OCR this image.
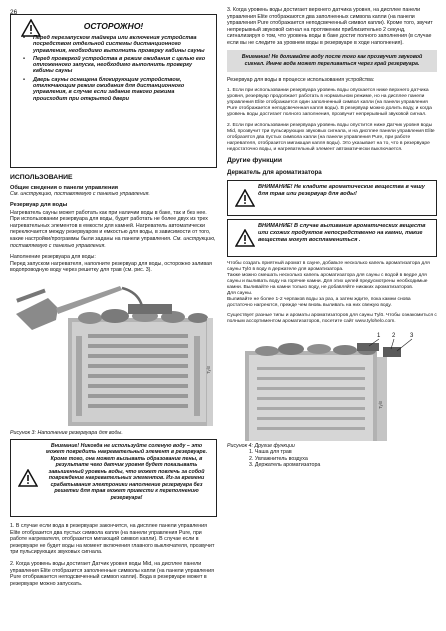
26
ОСТОРОЖНО!
• Перед перезапуском таймера или включения устройства посредством отдельной системы дистанционного управления, необходимо выполнить проверку кабины сауны
• Перед проверкой устройства в режим ожидания с целью его отложенного запуска, необходимо выполнить проверку кабины сауны
• Дверь сауны оснащена блокирующим устройством, отключающим режим ожидания для дистанционного управления, в случае если задание такого режима происходит при открытой двери
ИСПОЛЬЗОВАНИЕ
Общие сведения о панели управления

См. инструкцию, поставляемую с панелью управления.

Резервуар для воды

Нагреватель сауны может работать как при наличии воды в баке, так и без нее. При использовании резервуара для воды, будет работать не более двух из трех нагревательных элементов в емкости для камней. Нагреватель автоматически переключается между резервуаром и емкостью для воды, в зависимости от того, какие настройки/программы были заданы на панели управления. См. инструкцию, поставляемую с панелью управления.

Наполнение резервуара для воды:
Перед запуском нагревателя, наполните резервуар для воды, осторожно заливая водопроводную воду через решетку для трав (см. рис. 3).

Tylö
Рисунок 3: Наполнение резервуара для воды.
Внимание! Никогда не используйте соленую воду – это может повредить нагревательный элемент в резервуаре. Кроме того, она может вызывать образование пены, в результате чего датчик уровня будет показывать завышенный уровень воды, что может повлечь за собой повреждение нагревательных элементов. Из-за времени срабатывания электроники наполнение резервуара без решетки для трав может привести к переполнению резервуара!

1. В случае если вода в резервуаре закончится, на дисплее панели управления Elite отобразится два пустых символа капли (на панели управления Pure, при работе нагревателя, отобразится мигающий символ капли). В случае если в резервуаре не будет воды на момент включения главного выключателя, прозвучит три пульсирующих звуковых сигнала.

2. Когда уровень воды достигает Датчик уровня воды Mid, на дисплее панели управления Elite отобразится заполненные символы капли (на панели управления Pure отображается неподсвеченный символ капли). Вода в резервуаре может в резервуаре можно запускать.

3. Когда уровень воды достигает верхнего датчика уровня, на дисплее панели управления Elite отображаются два заполненных символа капли (на панели управления Pure отображается неподсвеченный символ капли). Кроме того, звучит непрерывный звуковой сигнал на протяжении приблизительно 2 секунд, сигнализируя о том, что уровень воды в баке достиг полного заполнения (в случае если вы не следите за уровнем воды в резервуаре в ходе наполнения).

Внимание! Не доливайте воду после того как прозвучит звуковой сигнал. Иначе вода может переливаться через край резервуара.

Резервуар для воды в процессе использования устройства:

1. Если при использовании резервуара уровень воды опускается ниже верхнего датчика уровня, резервуар продолжает работать в нормальном режиме, но на дисплее панели управления Elite отображается один заполненный символ капли (на панели управления Pure отображается неподсвеченная капля воды). В резервуар можно долить воду, и когда уровень воды достигает полного заполнения, прозвучит непрерывный звуковой сигнал.

2. Если при использовании резервуара уровень воды опустится ниже Датчик уровня воды Mid, прозвучит три пульсирующих звуковых сигнала, и на дисплее панели управления Elite отобразятся два пустых символа капли (на панели управления Pure, при работе нагревателя, отобразится мигающая капля воды). Это указывает на то, что в резервуаре недостаточно воды, и нагревательный элемент автоматически выключается.

Другие функции
Держатель для ароматизатора
ВНИМАНИЕ! Не кладите ароматические вещества в чашу для трав или резервуар для воды!
ВНИМАНИЕ! В случае выливания ароматических веществ или схожих продуктов непосредственно на камни, такие вещества могут воспламениться .

Чтобы создать приятный аромат в сауне, добавьте несколько капель ароматизатора для сауны Tylö в воду в держателе для ароматизатора.
Также можно смешать несколько капель ароматизатора для сауны с водой в ведре для сауны и выливать воду на горячие камни. Для этих целей предусмотрены необходимые камни. Выливайте на камни только воду, не добавляйте никаких ароматизаторов.
Для сауны.
Выливайте не более 1-2 черпаков воды за раз, а затем ждите, пока камни снова достаточно нагреются, прежде чем вновь выливать на них свежую воду.

Существует разные типы и ароматы ароматизаторов для сауны Tylö. Чтобы ознакомиться с полным ассортиментом ароматизаторов, посетите сайт www.tylohelo.com.

1 2 3
Tylö
Рисунок 4: Другие функции
1. Чаша для трав
2. Увлажнитель воздуха
3. Держатель ароматизатора
